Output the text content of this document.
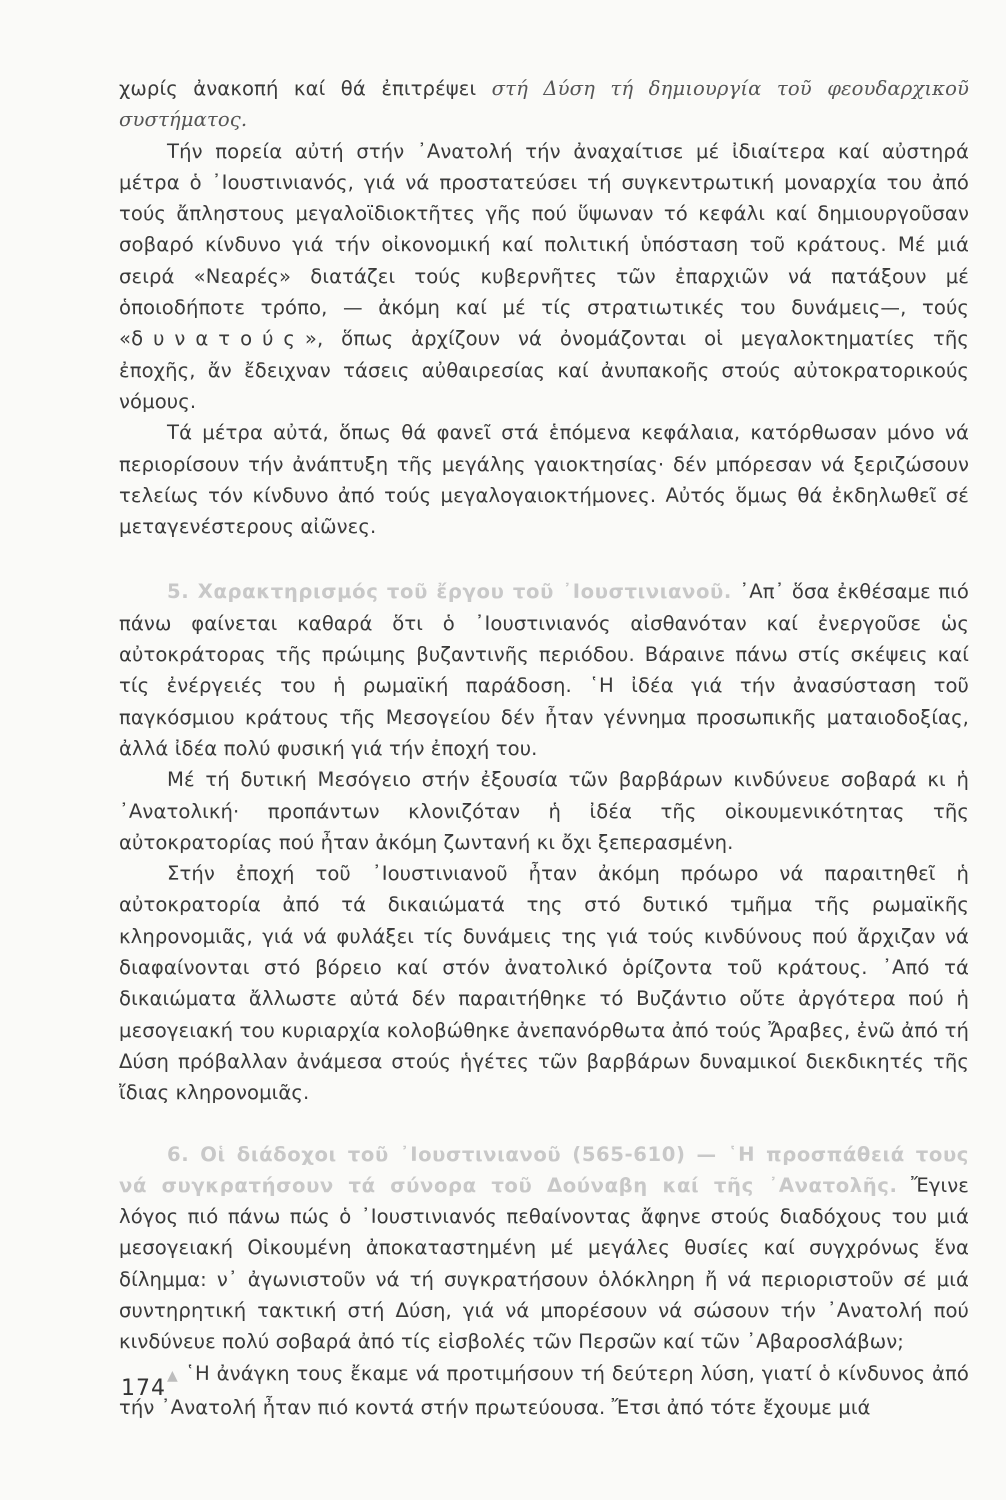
χωρίς ἀνακοπή καί θά ἐπιτρέψει στή Δύση τή δημιουργία τοῦ φεουδαρχικοῦ συστήματος.

Τήν πορεία αὐτή στήν ᾿Ανατολή τήν ἀναχαίτισε μέ ἰδιαίτερα καί αὐστηρά μέτρα ὁ ᾿Ιουστινιανός, γιά νά προστατεύσει τή συγκεντρωτική μοναρχία του ἀπό τούς ἄπληστους μεγαλοϊδιοκτῆτες γῆς πού ὕψωναν τό κεφάλι καί δημιουργοῦσαν σοβαρό κίνδυνο γιά τήν οἰκονομική καί πολιτική ὑπόσταση τοῦ κράτους. Μέ μιά σειρά «Νεαρές» διατάζει τούς κυβερνῆτες τῶν ἐπαρχιῶν νά πατάξουν μέ ὁποιοδήποτε τρόπο, — ἀκόμη καί μέ τίς στρατιωτικές του δυνάμεις—, τούς «δυνατούς», ὅπως ἀρχίζουν νά ὀνομάζονται οἱ μεγαλοκτηματίες τῆς ἐποχῆς, ἄν ἔδειχναν τάσεις αὐθαιρεσίας καί ἀνυπακοῆς στούς αὐτοκρατορικούς νόμους.

Τά μέτρα αὐτά, ὅπως θά φανεῖ στά ἑπόμενα κεφάλαια, κατόρθωσαν μόνο νά περιορίσουν τήν ἀνάπτυξη τῆς μεγάλης γαιοκτησίας· δέν μπόρεσαν νά ξεριζώσουν τελείως τόν κίνδυνο ἀπό τούς μεγαλογαιοκτήμονες. Αὐτός ὅμως θά ἐκδηλωθεῖ σέ μεταγενέστερους αἰῶνες.

5. Χαρακτηρισμός τοῦ ἔργου τοῦ ᾿Ιουστινιανοῦ. ᾿Απ᾿ ὅσα ἐκθέσαμε πιό πάνω φαίνεται καθαρά ὅτι ὁ ᾿Ιουστινιανός αἰσθανόταν καί ἐνεργοῦσε ὡς αὐτοκράτορας τῆς πρώιμης βυζαντινῆς περιόδου. Βάραινε πάνω στίς σκέψεις καί τίς ἐνέργειές του ἡ ρωμαϊκή παράδοση. ῾Η ἰδέα γιά τήν ἀνασύσταση τοῦ παγκόσμιου κράτους τῆς Μεσογείου δέν ἦταν γέννημα προσωπικῆς ματαιοδοξίας, ἀλλά ἰδέα πολύ φυσική γιά τήν ἐποχή του.

Μέ τή δυτική Μεσόγειο στήν ἐξουσία τῶν βαρβάρων κινδύνευε σοβαρά κι ἡ ᾿Ανατολική· προπάντων κλονιζόταν ἡ ἰδέα τῆς οἰκουμενικότητας τῆς αὐτοκρατορίας πού ἦταν ἀκόμη ζωντανή κι ὄχι ξεπερασμένη.

Στήν ἐποχή τοῦ ᾿Ιουστινιανοῦ ἦταν ἀκόμη πρόωρο νά παραιτηθεῖ ἡ αὐτοκρατορία ἀπό τά δικαιώματά της στό δυτικό τμῆμα τῆς ρωμαϊκῆς κληρονομιᾶς, γιά νά φυλάξει τίς δυνάμεις της γιά τούς κινδύνους πού ἄρχιζαν νά διαφαίνονται στό βόρειο καί στόν ἀνατολικό ὁρίζοντα τοῦ κράτους. ᾿Από τά δικαιώματα ἄλλωστε αὐτά δέν παραιτήθηκε τό Βυζάντιο οὔτε ἀργότερα πού ἡ μεσογειακή του κυριαρχία κολοβώθηκε ἀνεπανόρθωτα ἀπό τούς Ἄραβες, ἐνῶ ἀπό τή Δύση πρόβαλλαν ἀνάμεσα στούς ἡγέτες τῶν βαρβάρων δυναμικοί διεκδικητές τῆς ἴδιας κληρονομιᾶς.

6. Οἱ διάδοχοι τοῦ ᾿Ιουστινιανοῦ (565-610) — ῾Η προσπάθειά τους νά συγκρατήσουν τά σύνορα τοῦ Δούναβη καί τῆς ᾿Ανατολῆς. Ἔγινε λόγος πιό πάνω πώς ὁ ᾿Ιουστινιανός πεθαίνοντας ἄφηνε στούς διαδόχους του μιά μεσογειακή Οἰκουμένη ἀποκαταστημένη μέ μεγάλες θυσίες καί συγχρόνως ἕνα δίλημμα: ν᾿ ἀγωνιστοῦν νά τή συγκρατήσουν ὁλόκληρη ἤ νά περιοριστοῦν σέ μιά συντηρητική τακτική στή Δύση, γιά νά μπορέσουν νά σώσουν τήν ᾿Ανατολή πού κινδύνευε πολύ σοβαρά ἀπό τίς εἰσβολές τῶν Περσῶν καί τῶν ᾿Αβαροσλάβων;

▲ ῾Η ἀνάγκη τους ἔκαμε νά προτιμήσουν τή δεύτερη λύση, γιατί ὁ κίνδυνος ἀπό τήν ᾿Ανατολή ἦταν πιό κοντά στήν πρωτεύουσα. Ἔτσι ἀπό τότε ἔχουμε μιά

174
